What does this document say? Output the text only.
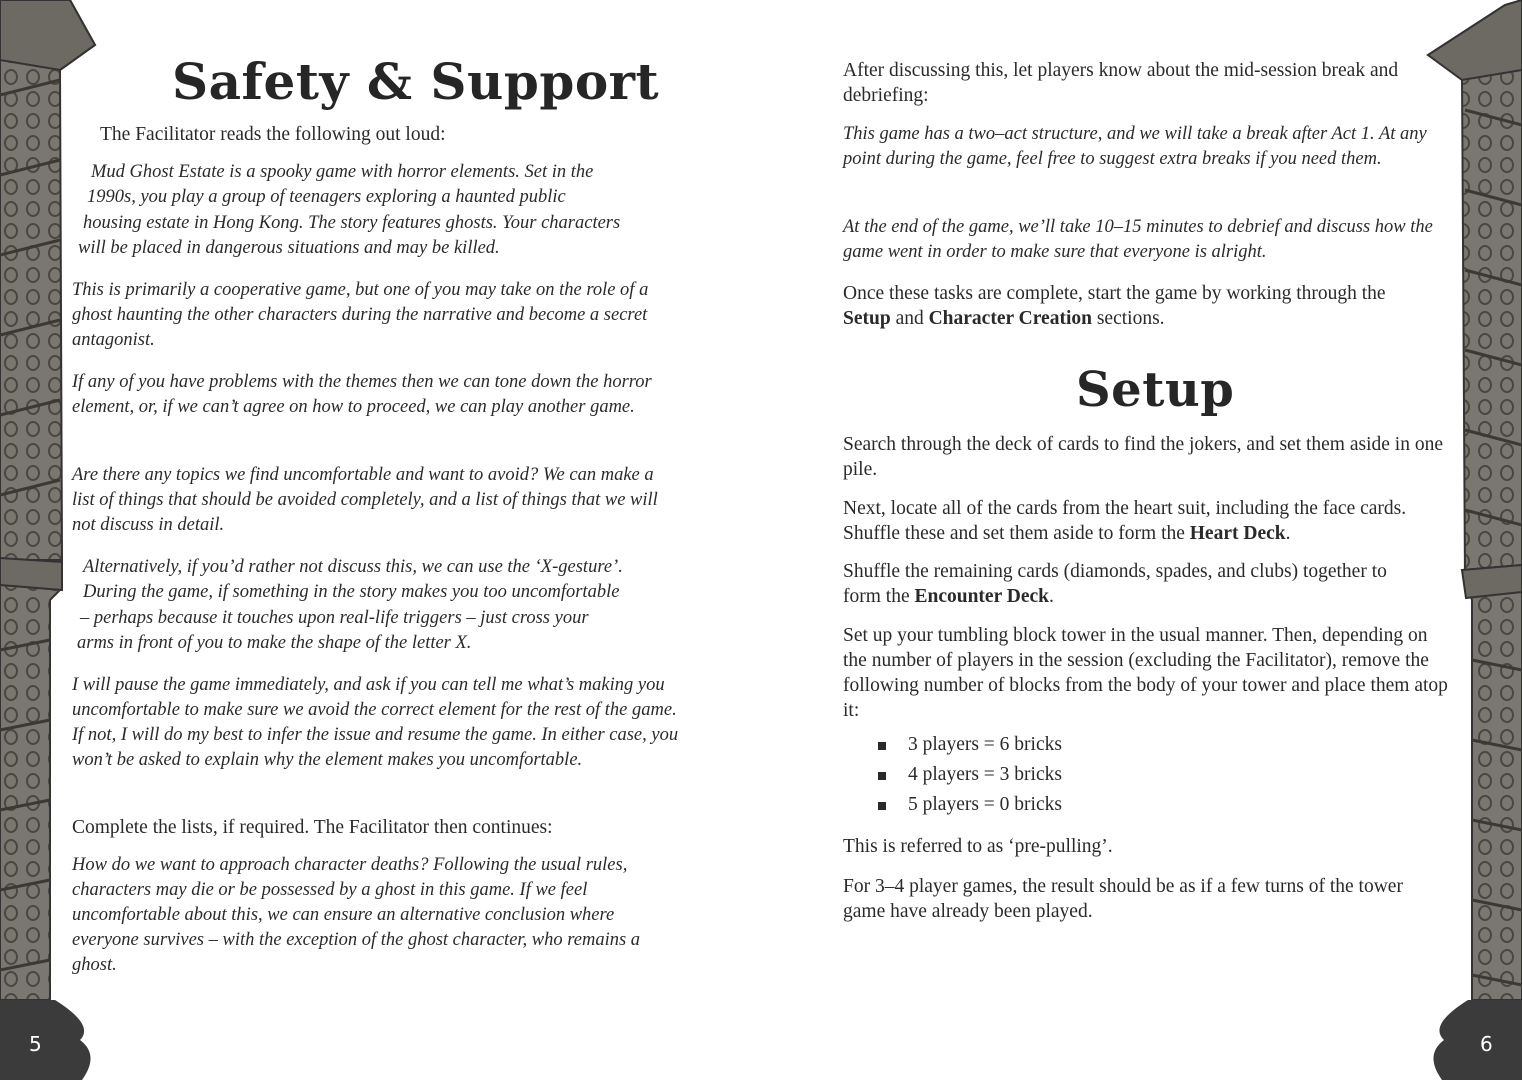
Safety & Support

The Facilitator reads the following out loud:

Mud Ghost Estate is a spooky game with horror elements. Set in the

1990s, you play a group of teenagers exploring a haunted public

housing estate in Hong Kong. The story features ghosts. Your characters

will be placed in dangerous situations and may be killed.

This is primarily a cooperative game, but one of you may take on the role of a ghost haunting the other characters during the narrative and become a secret antagonist.

If any of you have problems with the themes then we can tone down the horror element, or, if we can’t agree on how to proceed, we can play another game.

Are there any topics we find uncomfortable and want to avoid? We can make a list of things that should be avoided completely, and a list of things that we will not discuss in detail.

Alternatively, if you’d rather not discuss this, we can use the ‘X-gesture’.

During the game, if something in the story makes you too uncomfortable

– perhaps because it touches upon real-life triggers – just cross your

arms in front of you to make the shape of the letter X.

I will pause the game immediately, and ask if you can tell me what’s making you uncomfortable to make sure we avoid the correct element for the rest of the game. If not, I will do my best to infer the issue and resume the game. In either case, you won’t be asked to explain why the element makes you uncomfortable.

Complete the lists, if required. The Facilitator then continues:

How do we want to approach character deaths? Following the usual rules, characters may die or be possessed by a ghost in this game. If we feel uncomfortable about this, we can ensure an alternative conclusion where everyone survives – with the exception of the ghost character, who remains a ghost.

5

After discussing this, let players know about the mid-session break and debriefing:

This game has a two–act structure, and we will take a break after Act 1. At any point during the game, feel free to suggest extra breaks if you need them.

At the end of the game, we’ll take 10–15 minutes to debrief and discuss how the game went in order to make sure that everyone is alright.

Once these tasks are complete, start the game by working through the Setup and Character Creation sections.

Setup

Search through the deck of cards to find the jokers, and set them aside in one pile.

Next, locate all of the cards from the heart suit, including the face cards. Shuffle these and set them aside to form the Heart Deck.

Shuffle the remaining cards (diamonds, spades, and clubs) together to form the Encounter Deck.

Set up your tumbling block tower in the usual manner. Then, depending on the number of players in the session (excluding the Facilitator), remove the following number of blocks from the body of your tower and place them atop it:

3 players = 6 bricks
4 players = 3 bricks
5 players = 0 bricks

This is referred to as ‘pre-pulling’.

For 3–4 player games, the result should be as if a few turns of the tower game have already been played.

6
